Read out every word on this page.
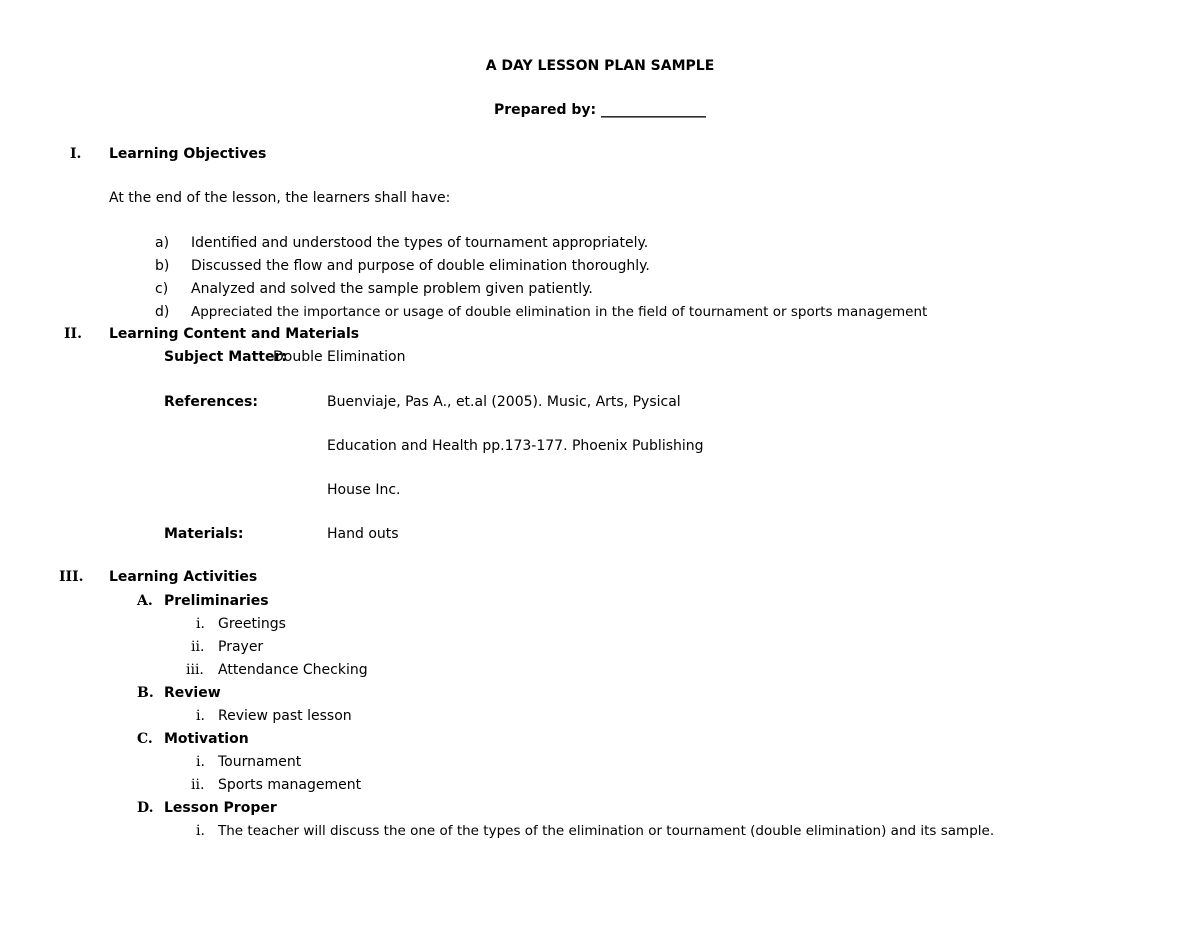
A DAY LESSON PLAN SAMPLE
Prepared by: _______________
I. Learning Objectives
At the end of the lesson, the learners shall have:
a) Identified and understood the types of tournament appropriately.
b) Discussed the flow and purpose of double elimination thoroughly.
c) Analyzed and solved the sample problem given patiently.
d) Appreciated the importance or usage of double elimination in the field of tournament or sports management
II. Learning Content and Materials
Subject Matter:
Double Elimination
References:	Buenviaje, Pas A., et.al (2005). Music, Arts, Pysical
Education and Health pp.173-177. Phoenix Publishing
House Inc.
Materials:	Hand outs
III. Learning Activities
A. Preliminaries
i. Greetings
ii. Prayer
iii. Attendance Checking
B. Review
i. Review past lesson
C. Motivation
i. Tournament
ii. Sports management
D. Lesson Proper
i. The teacher will discuss the one of the types of the elimination or tournament (double elimination) and its sample.
